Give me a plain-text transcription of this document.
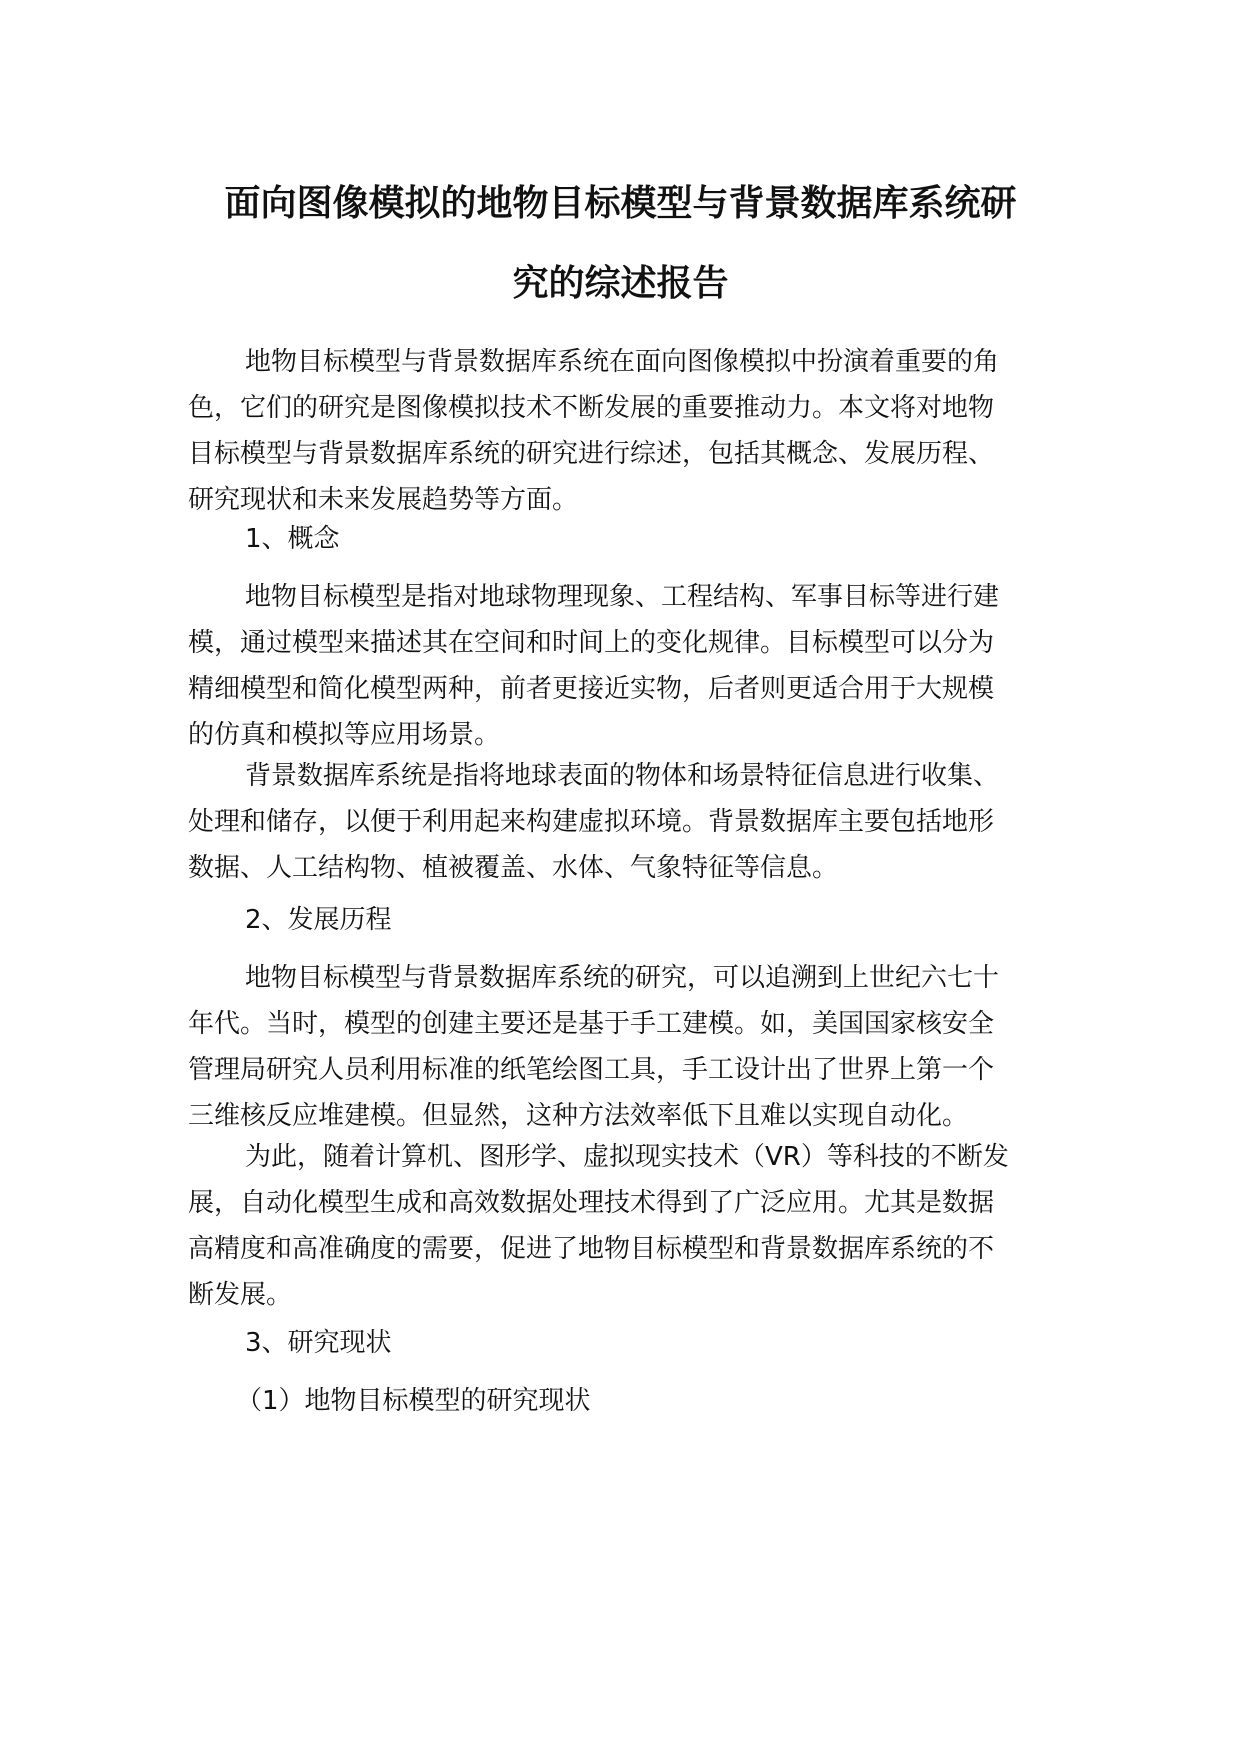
面向图像模拟的地物目标模型与背景数据库系统研
究的综述报告

地物目标模型与背景数据库系统在面向图像模拟中扮演着重要的角
色，它们的研究是图像模拟技术不断发展的重要推动力。本文将对地物
目标模型与背景数据库系统的研究进行综述，包括其概念、发展历程、
研究现状和未来发展趋势等方面。

1、概念

地物目标模型是指对地球物理现象、工程结构、军事目标等进行建
模，通过模型来描述其在空间和时间上的变化规律。目标模型可以分为
精细模型和简化模型两种，前者更接近实物，后者则更适合用于大规模
的仿真和模拟等应用场景。

背景数据库系统是指将地球表面的物体和场景特征信息进行收集、
处理和储存，以便于利用起来构建虚拟环境。背景数据库主要包括地形
数据、人工结构物、植被覆盖、水体、气象特征等信息。

2、发展历程

地物目标模型与背景数据库系统的研究，可以追溯到上世纪六七十
年代。当时，模型的创建主要还是基于手工建模。如，美国国家核安全
管理局研究人员利用标准的纸笔绘图工具，手工设计出了世界上第一个
三维核反应堆建模。但显然，这种方法效率低下且难以实现自动化。

为此，随着计算机、图形学、虚拟现实技术（VR）等科技的不断发
展，自动化模型生成和高效数据处理技术得到了广泛应用。尤其是数据
高精度和高准确度的需要，促进了地物目标模型和背景数据库系统的不
断发展。

3、研究现状

（1）地物目标模型的研究现状
